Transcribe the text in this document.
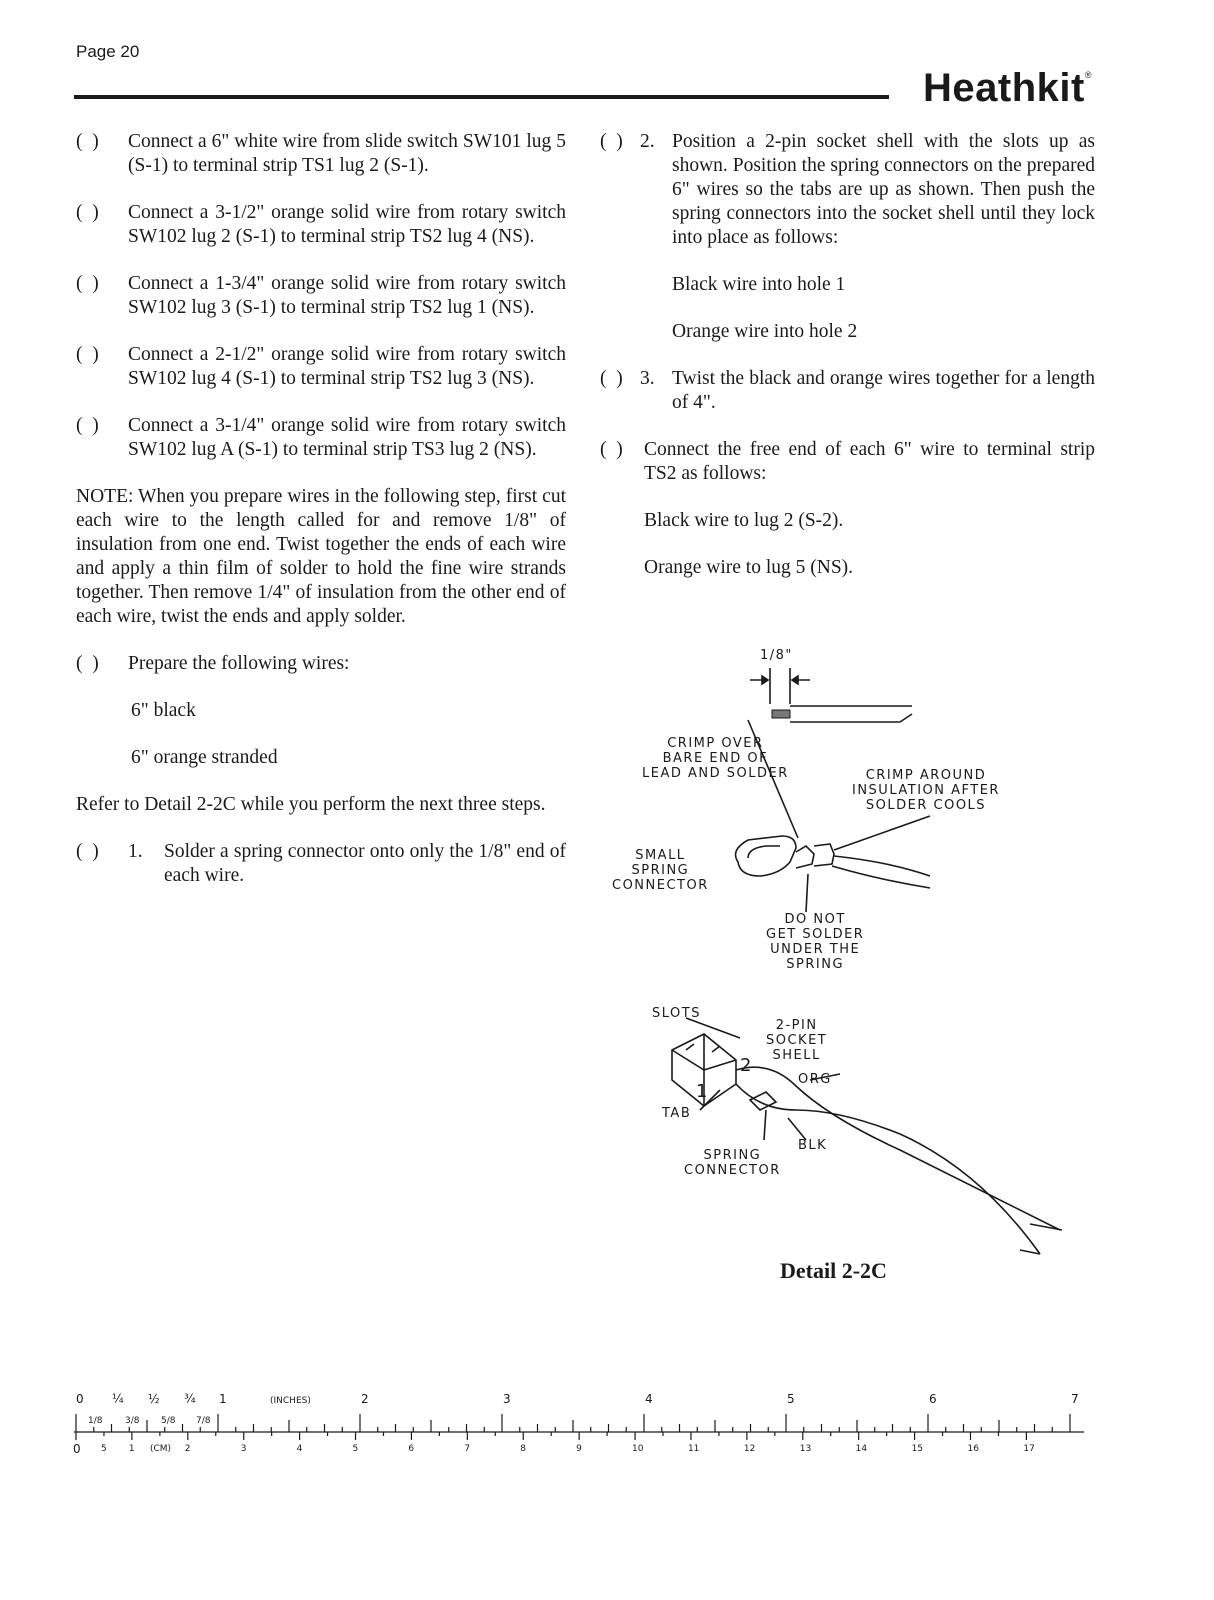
Page 20
Heathkit®
(  )	Connect a 6" white wire from slide switch SW101 lug 5 (S-1) to terminal strip TS1 lug 2 (S-1).
(  )	Connect a 3-1/2" orange solid wire from rotary switch SW102 lug 2 (S-1) to terminal strip TS2 lug 4 (NS).
(  )	Connect a 1-3/4" orange solid wire from rotary switch SW102 lug 3 (S-1) to terminal strip TS2 lug 1 (NS).
(  )	Connect a 2-1/2" orange solid wire from rotary switch SW102 lug 4 (S-1) to terminal strip TS2 lug 3 (NS).
(  )	Connect a 3-1/4" orange solid wire from rotary switch SW102 lug A (S-1) to terminal strip TS3 lug 2 (NS).

NOTE: When you prepare wires in the following step, first cut each wire to the length called for and remove 1/8" of insulation from one end. Twist together the ends of each wire and apply a thin film of solder to hold the fine wire strands together. Then remove 1/4" of insulation from the other end of each wire, twist the ends and apply solder.

(  )	Prepare the following wires:

6" black

6" orange stranded

Refer to Detail 2-2C while you perform the next three steps.

(  )	1.	Solder a spring connector onto only the 1/8" end of each wire.
(  ) 2. Position a 2-pin socket shell with the slots up as shown. Position the spring connectors on the prepared 6" wires so the tabs are up as shown. Then push the spring connectors into the socket shell until they lock into place as follows:

Black wire into hole 1

Orange wire into hole 2

(  ) 3. Twist the black and orange wires together for a length of 4".
(  )	Connect the free end of each 6" wire to terminal strip TS2 as follows:

Black wire to lug 2 (S-2).

Orange wire to lug 5 (NS).

1/8"
CRIMP OVER
BARE END OF
LEAD AND SOLDER	CRIMP AROUND
INSULATION AFTER
SOLDER COOLS
SMALL
SPRING
CONNECTOR
DO NOT
GET SOLDER
UNDER THE
SPRING
SLOTS
2-PIN
SOCKET
SHELL
2
1
ORG
TAB
BLK
SPRING
CONNECTOR
Detail 2-2C
0 ¼ ½ ¾ 1	(INCHES)	2	3	4	5	6	7
1/8	3/8 5/8 7/8
0 5 1	2	3	4	5	6	7	8	9	10	11	12	13	14	15	16	17
(CM)
